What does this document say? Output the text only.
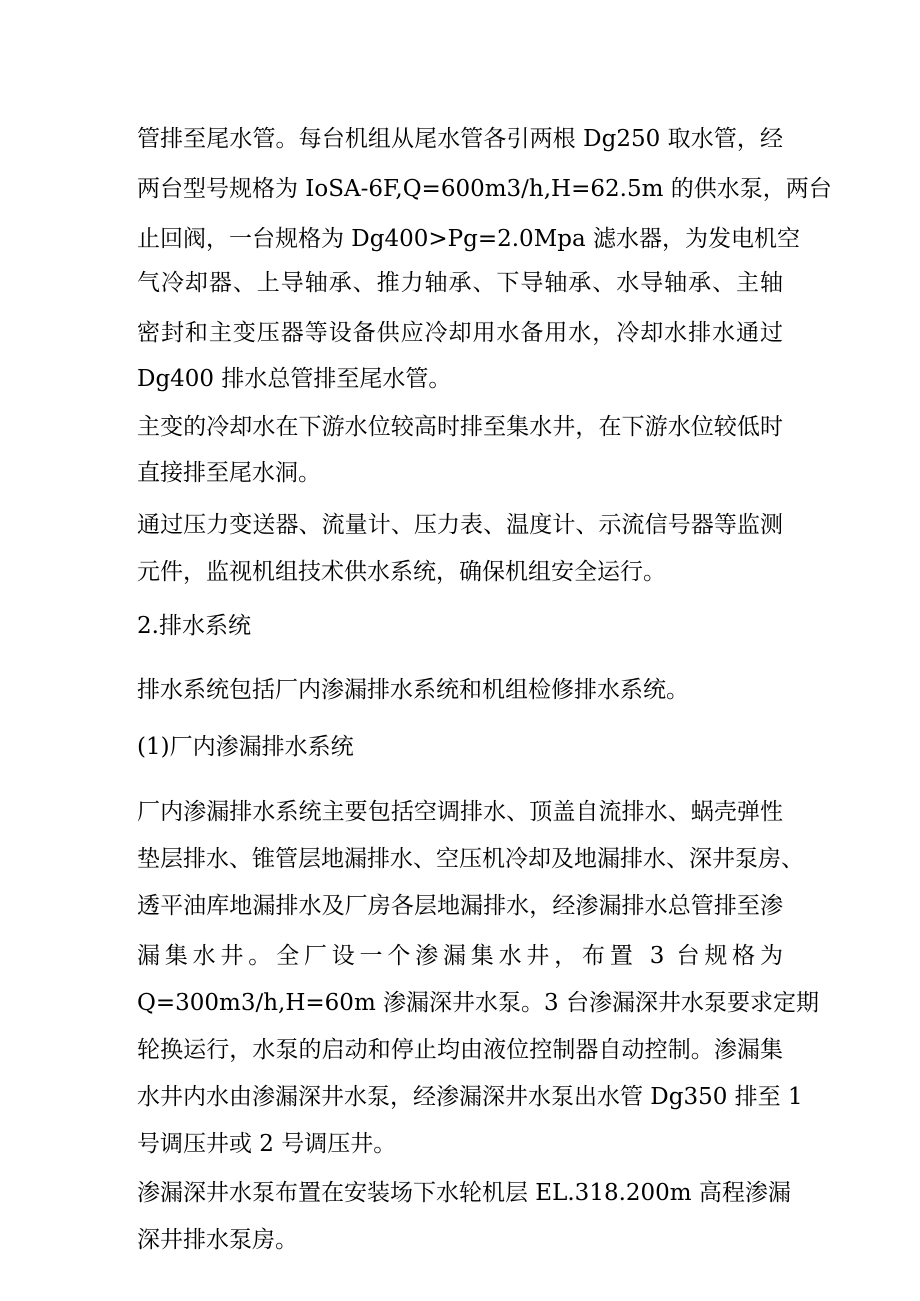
管排至尾水管。每台机组从尾水管各引两根 Dg250 取水管，经
两台型号规格为 IoSA-6F,Q=600m3∕h,H=62.5m 的供水泵，两台
止回阀，一台规格为 Dg400>Pg=2.0Mpa 滤水器，为发电机空
气冷却器、上导轴承、推力轴承、下导轴承、水导轴承、主轴
密封和主变压器等设备供应冷却用水备用水，冷却水排水通过
Dg400 排水总管排至尾水管。
主变的冷却水在下游水位较高时排至集水井，在下游水位较低时
直接排至尾水洞。
通过压力变送器、流量计、压力表、温度计、示流信号器等监测
元件，监视机组技术供水系统，确保机组安全运行。
2.排水系统
排水系统包括厂内渗漏排水系统和机组检修排水系统。
(1)厂内渗漏排水系统
厂内渗漏排水系统主要包括空调排水、顶盖自流排水、蜗壳弹性
垫层排水、锥管层地漏排水、空压机冷却及地漏排水、深井泵房、
透平油库地漏排水及厂房各层地漏排水，经渗漏排水总管排至渗
漏集水井。全厂设一个渗漏集水井，布置 3 台规格为
Q=300m3∕h,H=60m 渗漏深井水泵。3 台渗漏深井水泵要求定期
轮换运行，水泵的启动和停止均由液位控制器自动控制。渗漏集
水井内水由渗漏深井水泵，经渗漏深井水泵出水管 Dg350 排至 1
号调压井或 2 号调压井。
渗漏深井水泵布置在安装场下水轮机层 EL.318.200m 高程渗漏
深井排水泵房。
